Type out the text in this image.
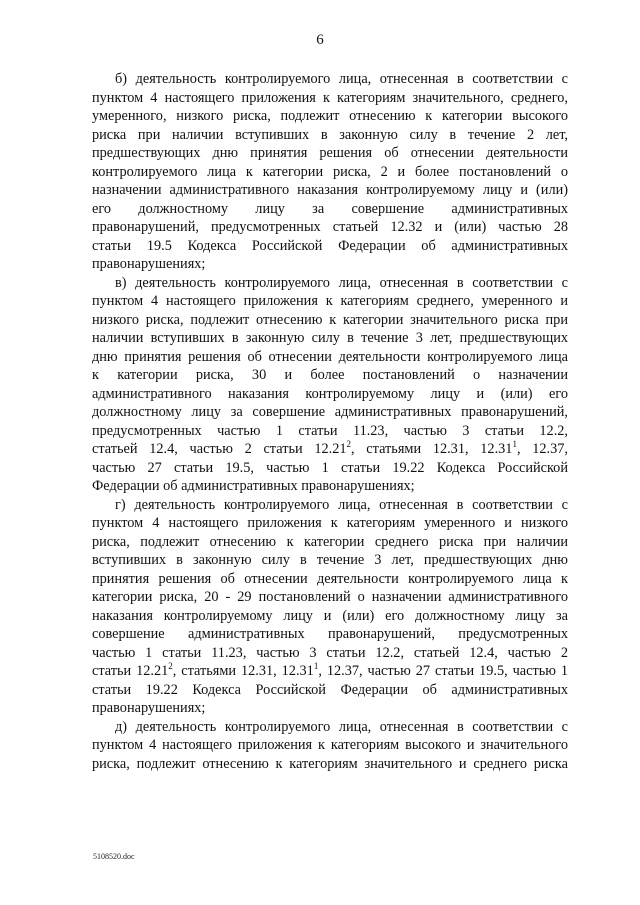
6
б) деятельность контролируемого лица, отнесенная в соответствии с
пунктом 4 настоящего приложения к категориям значительного, среднего,
умеренного, низкого риска, подлежит отнесению к категории высокого
риска при наличии вступивших в законную силу в течение 2 лет,
предшествующих дню принятия решения об отнесении деятельности
контролируемого лица к категории риска, 2 и более постановлений о
назначении административного наказания контролируемому лицу и (или)
его должностному лицу за совершение административных
правонарушений, предусмотренных статьей 12.32 и (или) частью 28
статьи 19.5 Кодекса Российской Федерации об административных
правонарушениях;
в) деятельность контролируемого лица, отнесенная в соответствии с
пунктом 4 настоящего приложения к категориям среднего, умеренного и
низкого риска, подлежит отнесению к категории значительного риска при
наличии вступивших в законную силу в течение 3 лет, предшествующих
дню принятия решения об отнесении деятельности контролируемого лица
к категории риска, 30 и более постановлений о назначении
административного наказания контролируемому лицу и (или) его
должностному лицу за совершение административных правонарушений,
предусмотренных частью 1 статьи 11.23, частью 3 статьи 12.2,
статьей 12.4, частью 2 статьи 12.21$^2$, статьями 12.31, 12.31$^1$, 12.37,
частью 27 статьи 19.5, частью 1 статьи 19.22 Кодекса Российской
Федерации об административных правонарушениях;
г) деятельность контролируемого лица, отнесенная в соответствии с
пунктом 4 настоящего приложения к категориям умеренного и низкого
риска, подлежит отнесению к категории среднего риска при наличии
вступивших в законную силу в течение 3 лет, предшествующих дню
принятия решения об отнесении деятельности контролируемого лица к
категории риска, 20 - 29 постановлений о назначении административного
наказания контролируемому лицу и (или) его должностному лицу за
совершение административных правонарушений, предусмотренных
частью 1 статьи 11.23, частью 3 статьи 12.2, статьей 12.4, частью 2
статьи 12.21$^2$, статьями 12.31, 12.31$^1$, 12.37, частью 27 статьи 19.5, частью 1
статьи 19.22 Кодекса Российской Федерации об административных
правонарушениях;
д) деятельность контролируемого лица, отнесенная в соответствии с
пунктом 4 настоящего приложения к категориям высокого и значительного
риска, подлежит отнесению к категориям значительного и среднего риска
5108520.doc
